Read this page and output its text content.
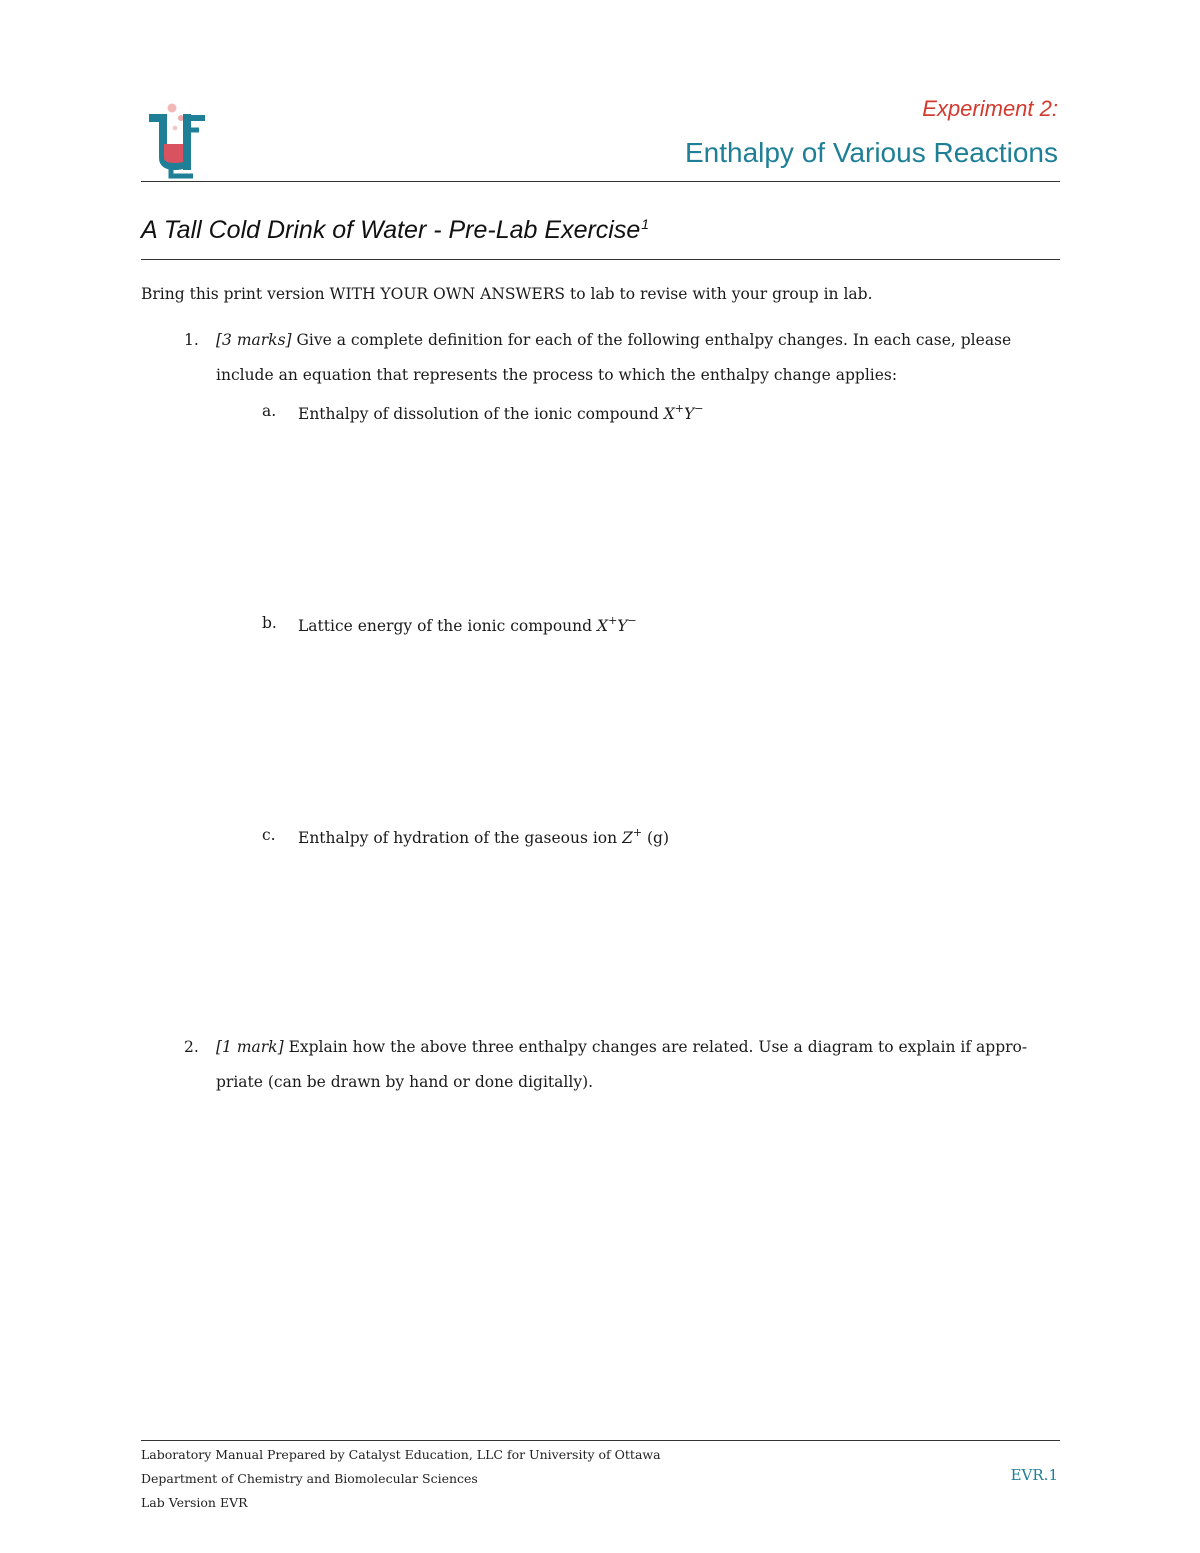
Experiment 2:
Enthalpy of Various Reactions
A Tall Cold Drink of Water - Pre-Lab Exercise$^1$
Bring this print version WITH YOUR OWN ANSWERS to lab to revise with your group in lab.
1. [3 marks] Give a complete definition for each of the following enthalpy changes. In each case, please
include an equation that represents the process to which the enthalpy change applies:
a. Enthalpy of dissolution of the ionic compound X+Y−
b. Lattice energy of the ionic compound X+Y−
c. Enthalpy of hydration of the gaseous ion Z+ (g)
2. [1 mark] Explain how the above three enthalpy changes are related. Use a diagram to explain if appro-
priate (can be drawn by hand or done digitally).
Laboratory Manual Prepared by Catalyst Education, LLC for University of Ottawa
Department of Chemistry and Biomolecular Sciences
Lab Version EVR
EVR.1
